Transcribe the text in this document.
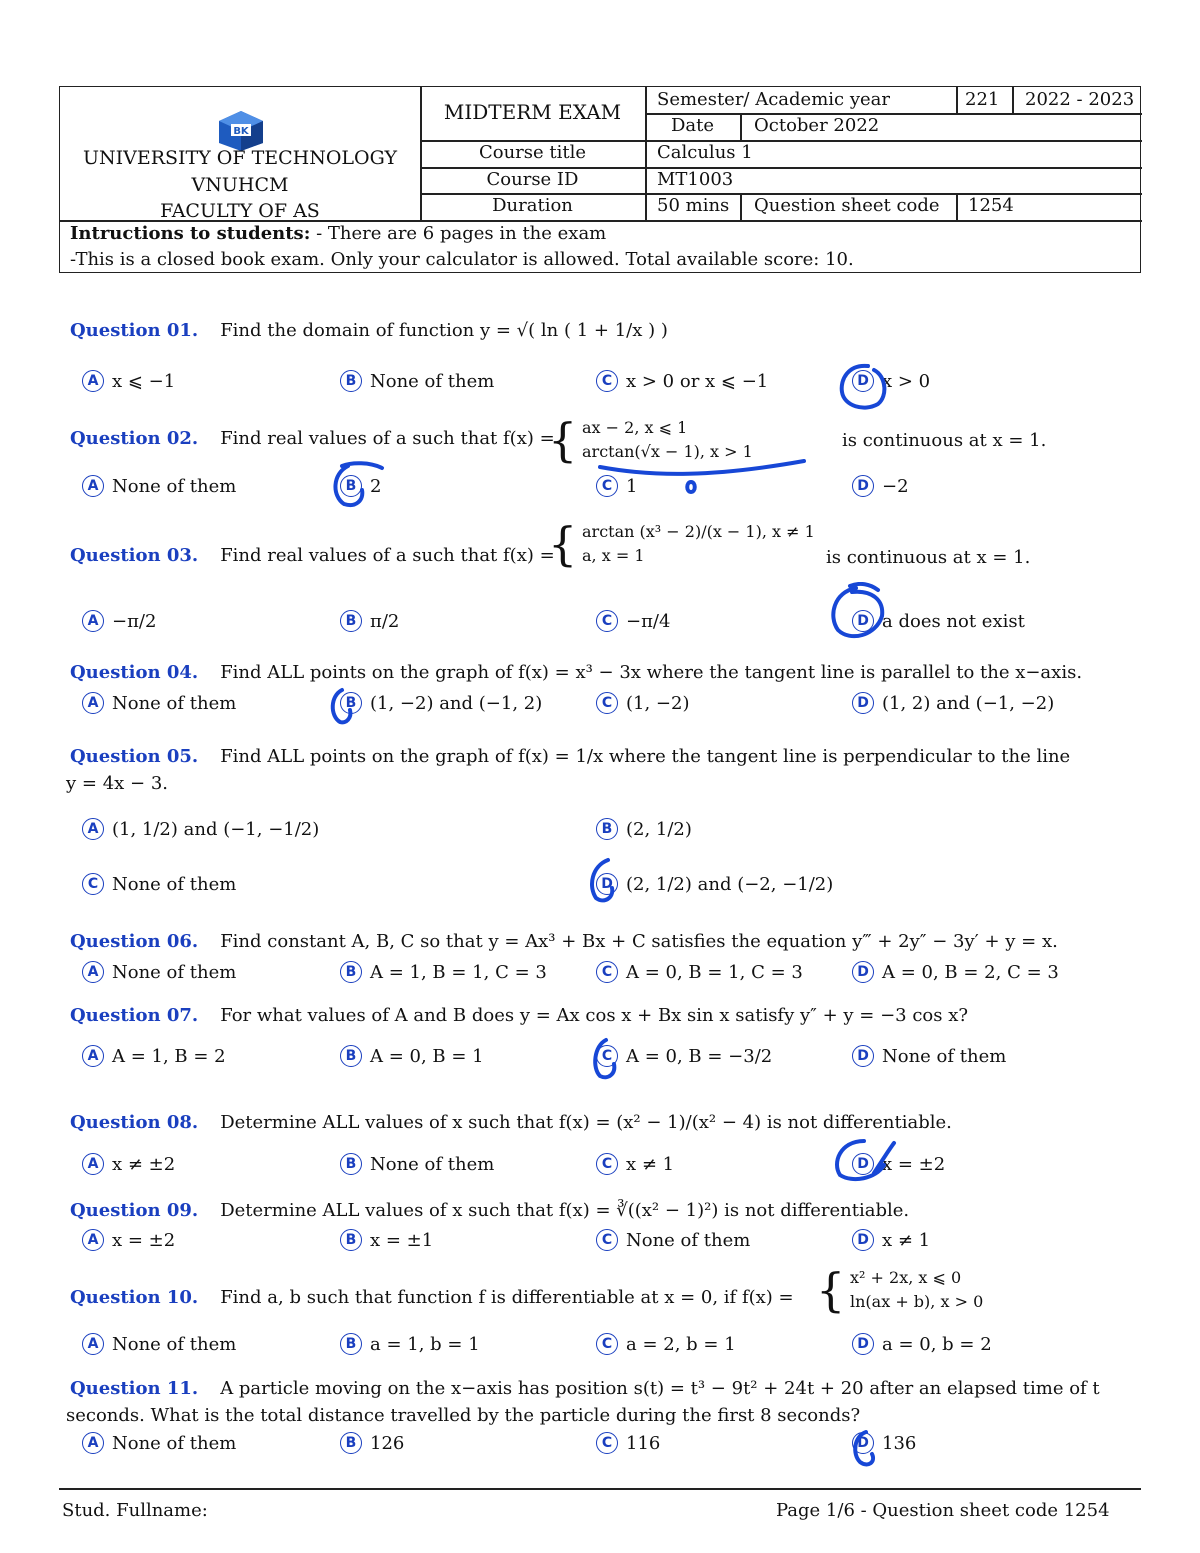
BK
UNIVERSITY OF TECHNOLOGY
VNUHCM
FACULTY OF AS
MIDTERM EXAM
Semester/ Academic year	221 2022 - 2023
Date	October 2022
Course title	Calculus 1
Course ID	MT1003
Duration	50 mins Question sheet code 1254
Intructions to students: - There are 6 pages in the exam
-This is a closed book exam. Only your calculator is allowed. Total available score: 10.
Question 01. Find the domain of function y = √( ln ( 1 + 1/x ) )
A x ⩽ −1	B None of them	C x > 0 or x ⩽ −1	D x > 0
Question 02. Find real values of a such that f(x) =
{ ax − 2, x ⩽ 1
arctan(√x − 1), x > 1
is continuous at x = 1.
A None of them	B 2	C 1	D −2
Question 03. Find real values of a such that f(x) =
{ arctan (x³ − 2)/(x − 1), x ≠ 1
a, x = 1	is continuous at x = 1.
A −π/2	B π/2	C −π/4	D a does not exist
Question 04. Find ALL points on the graph of f(x) = x³ − 3x where the tangent line is parallel to the x−axis.
A None of them	B (1, −2) and (−1, 2)	C (1, −2)	D (1, 2) and (−1, −2)
Question 05. Find ALL points on the graph of f(x) = 1/x where the tangent line is perpendicular to the line
y = 4x − 3.
A (1, 1/2) and (−1, −1/2)	B (2, 1/2)
C None of them	D (2, 1/2) and (−2, −1/2)
Question 06. Find constant A, B, C so that y = Ax³ + Bx + C satisfies the equation y‴ + 2y″ − 3y′ + y = x.
A None of them	B A = 1, B = 1, C = 3	C A = 0, B = 1, C = 3	D A = 0, B = 2, C = 3
Question 07. For what values of A and B does y = Ax cos x + Bx sin x satisfy y″ + y = −3 cos x?
A A = 1, B = 2	B A = 0, B = 1	C A = 0, B = −3/2	D None of them
Question 08. Determine ALL values of x such that f(x) = (x² − 1)/(x² − 4) is not differentiable.
A x ≠ ±2	B None of them	C x ≠ 1	D x = ±2
Question 09. Determine ALL values of x such that f(x) = ∛((x² − 1)²) is not differentiable.
A x = ±2	B x = ±1	C None of them	D x ≠ 1
Question 10. Find a, b such that function f is differentiable at x = 0, if f(x) = { x² + 2x, x ⩽ 0
ln(ax + b), x > 0
A None of them	B a = 1, b = 1	C a = 2, b = 1	D a = 0, b = 2
Question 11. A particle moving on the x−axis has position s(t) = t³ − 9t² + 24t + 20 after an elapsed time of t
seconds. What is the total distance travelled by the particle during the first 8 seconds?
A None of them	B 126	C 116	D 136
Stud. Fullname:	Page 1/6 - Question sheet code 1254
